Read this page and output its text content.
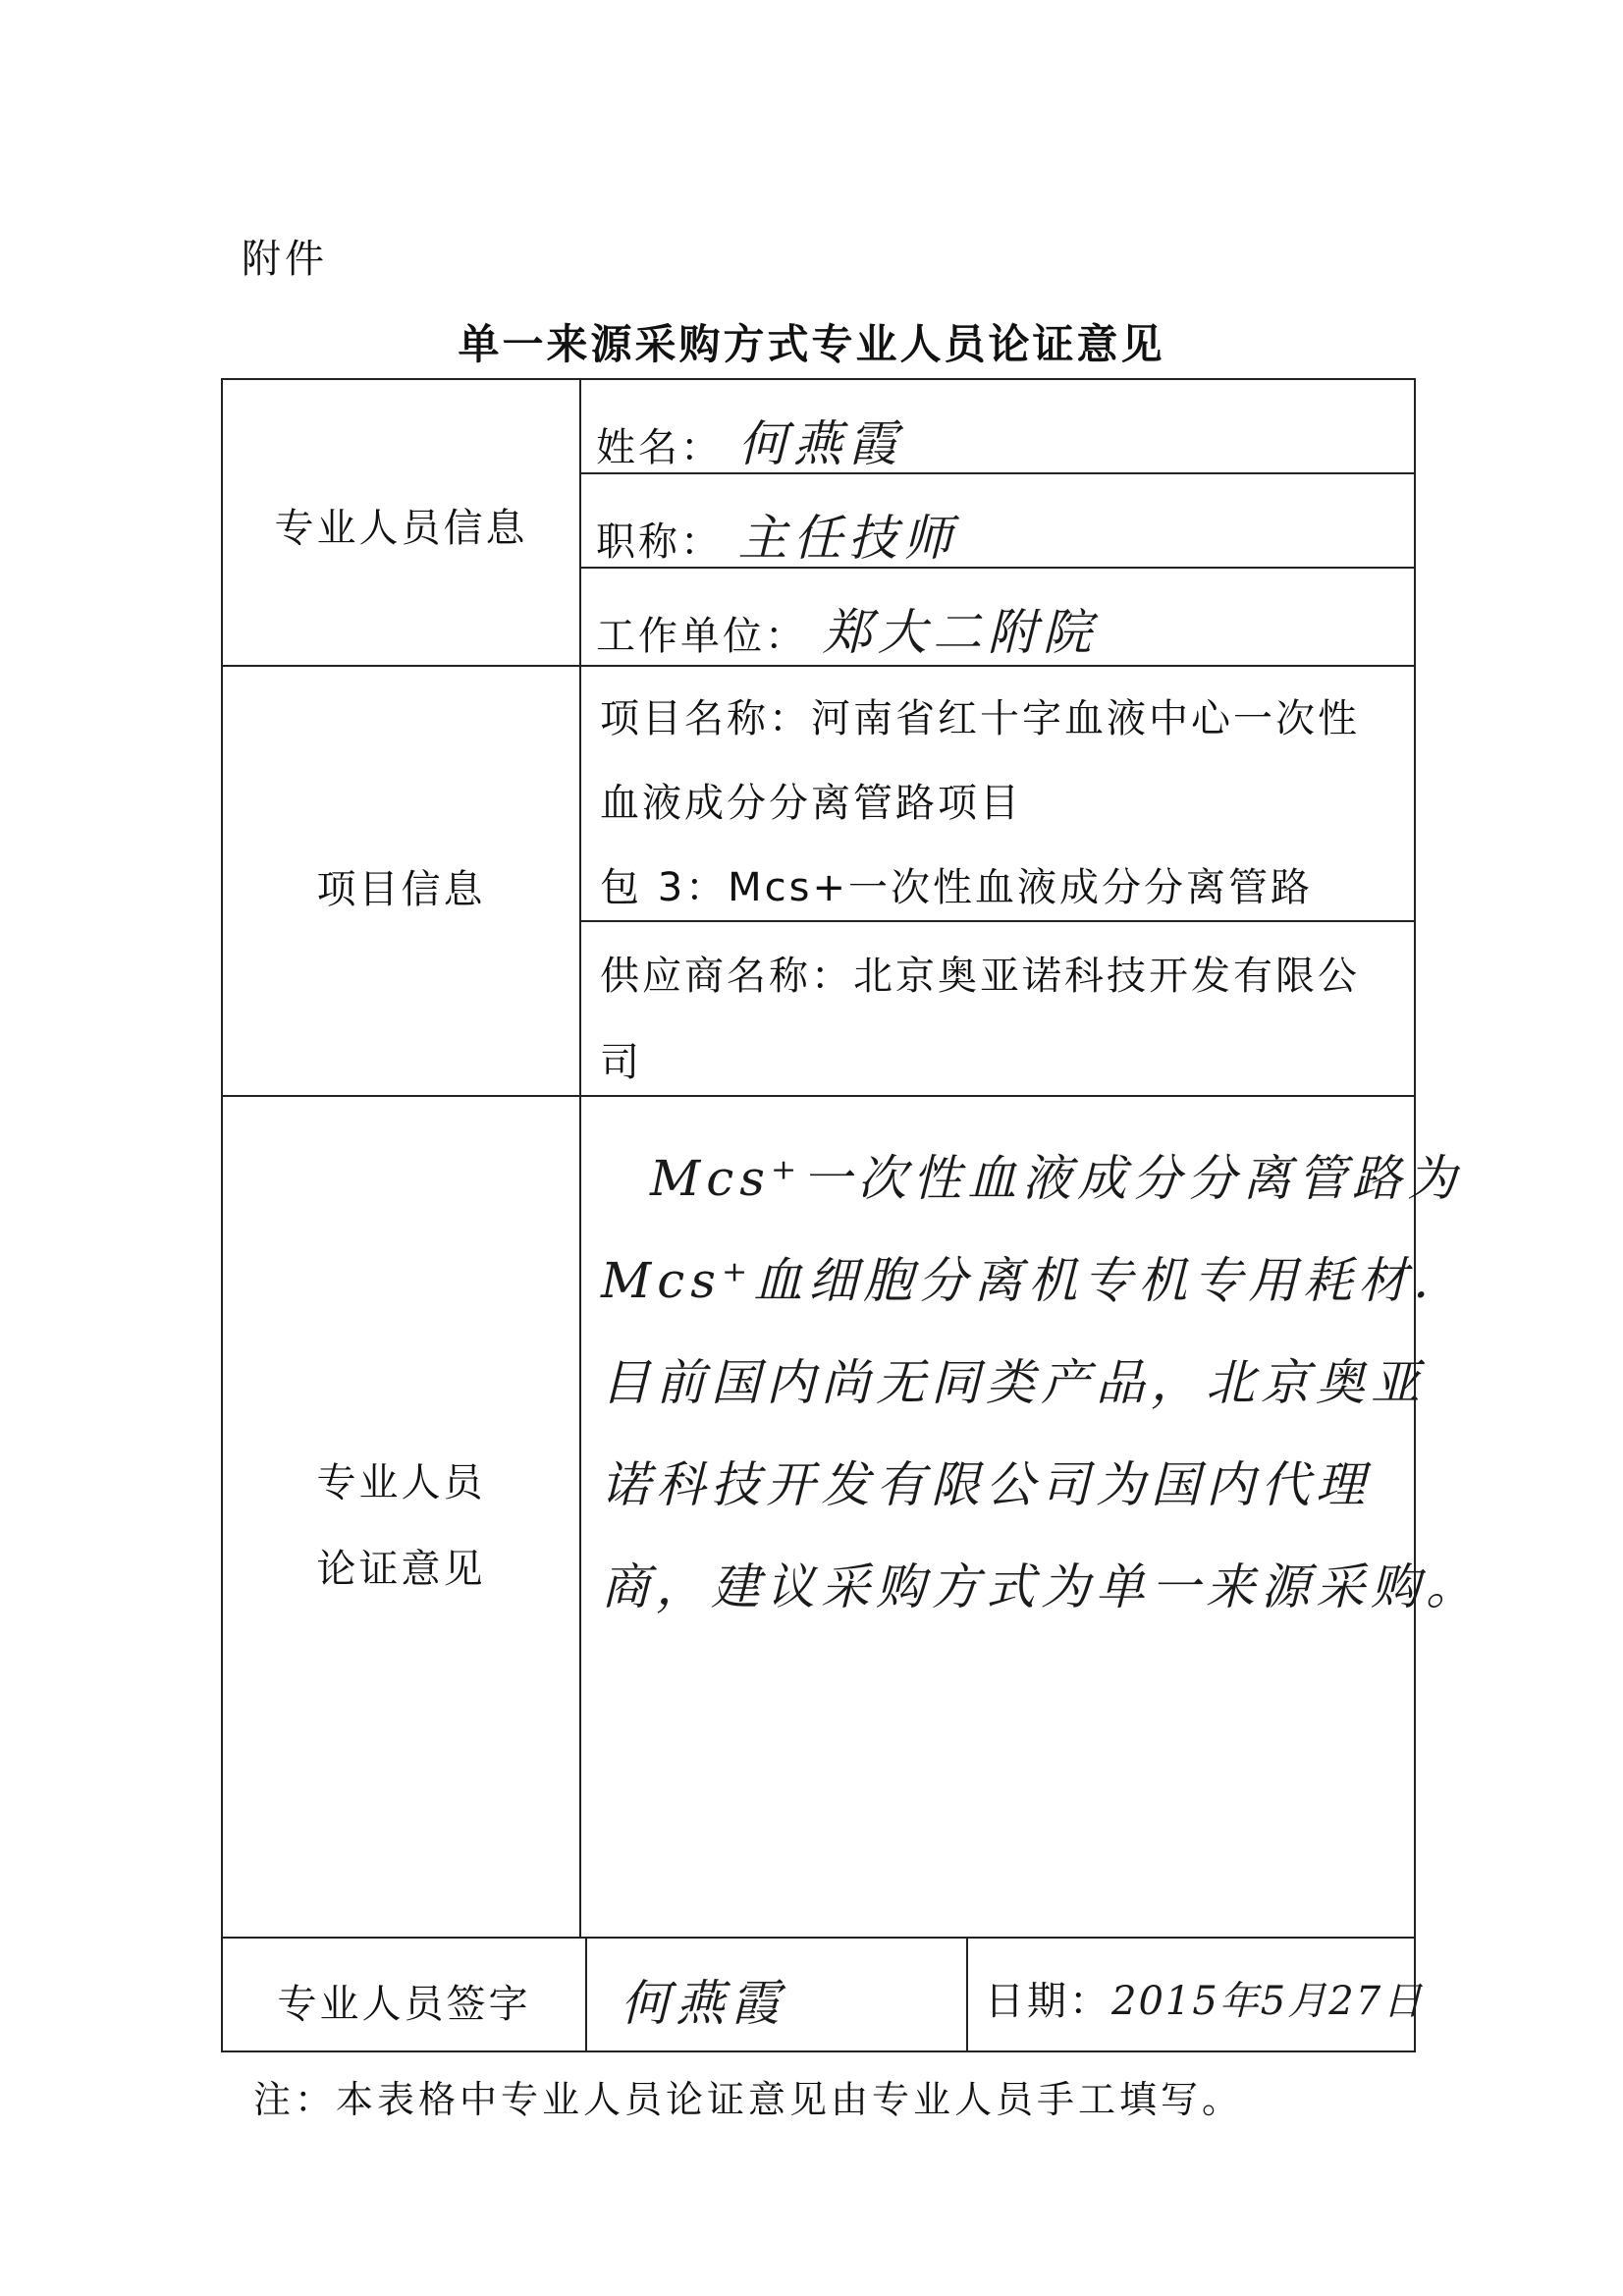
附件
单一来源采购方式专业人员论证意见
专业人员信息
姓名： 何燕霞
职称： 主任技师
工作单位： 郑大二附院
项目信息
项目名称：河南省红十字血液中心一次性
血液成分分离管路项目
包 3：Mcs+一次性血液成分分离管路
供应商名称：北京奥亚诺科技开发有限公
司
专业人员
论证意见
Mcs⁺一次性血液成分分离管路为
Mcs⁺血细胞分离机专机专用耗材.
目前国内尚无同类产品，北京奥亚
诺科技开发有限公司为国内代理
商，建议采购方式为单一来源采购。
专业人员签字	何燕霞	日期：2015年5月27日
注：本表格中专业人员论证意见由专业人员手工填写。
